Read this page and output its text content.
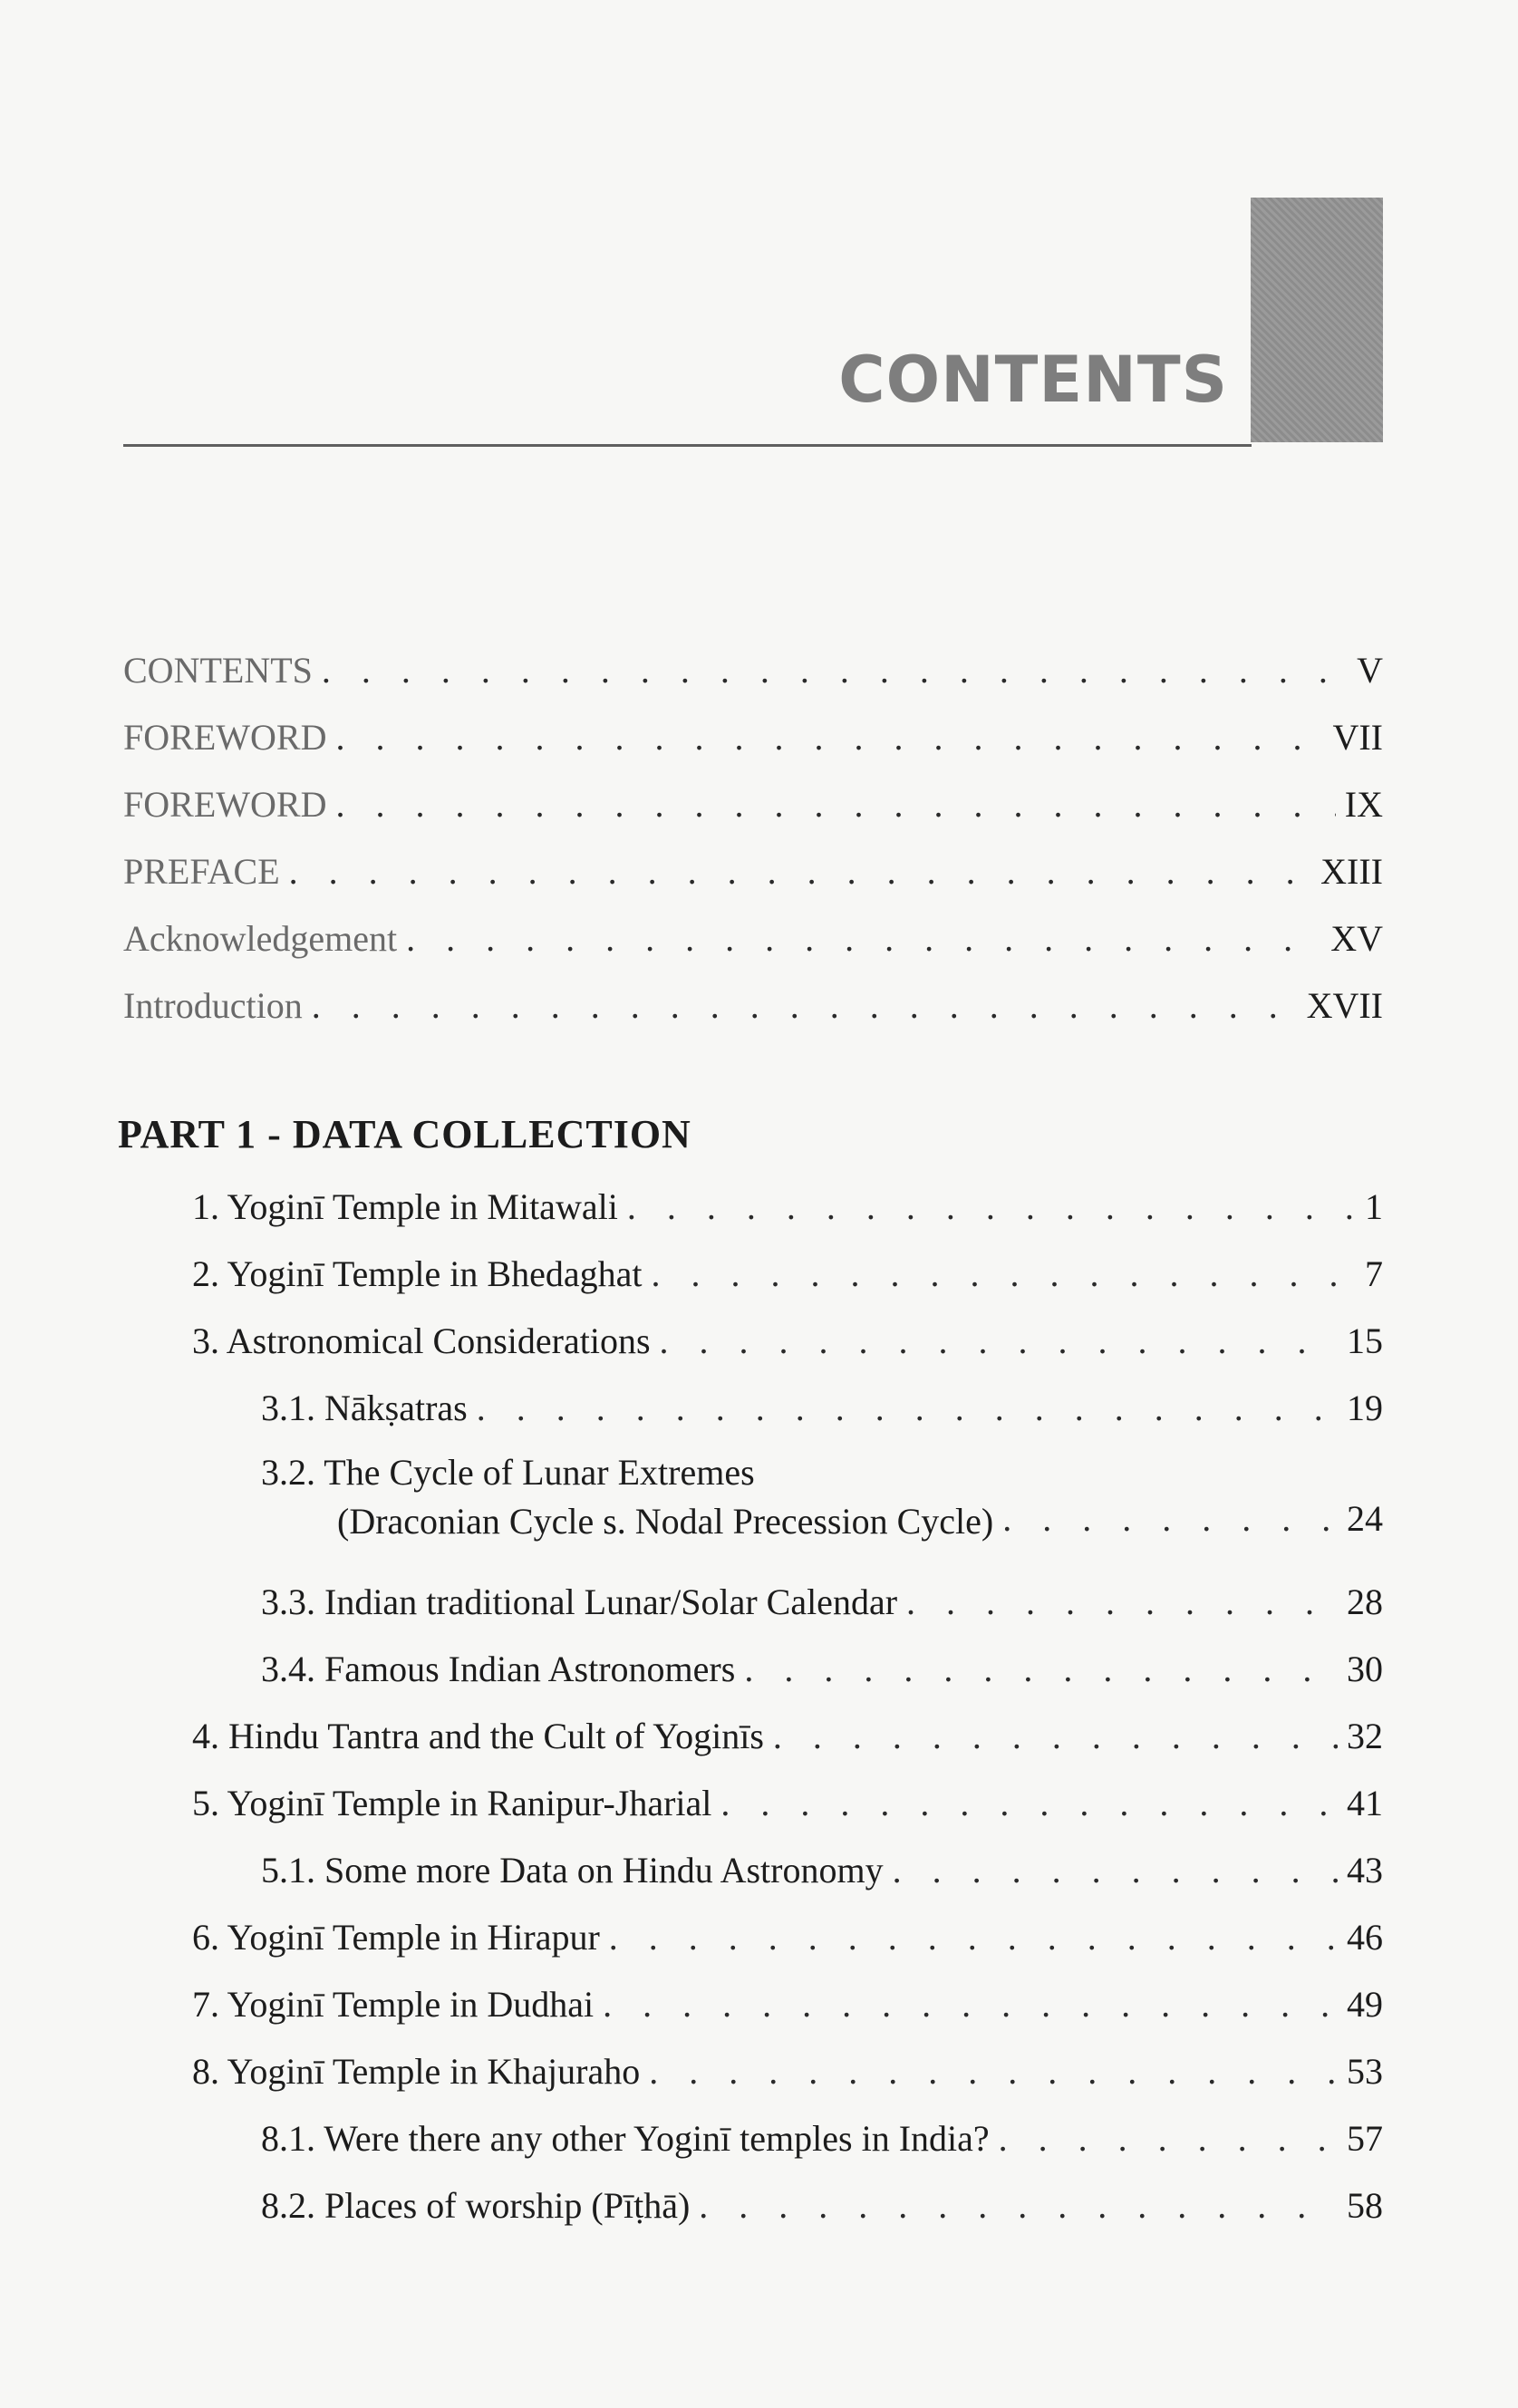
CONTENTS
CONTENTS . . .	V
FOREWORD . . .	VII
FOREWORD . . .	IX
PREFACE . . .	XIII
Acknowledgement . . .	XV
Introduction . . .	XVII
PART 1 - DATA COLLECTION
1. Yoginī Temple in Mitawali . . .	1
2. Yoginī Temple in Bhedaghat . . .	7
3. Astronomical Considerations . . .	15
3.1. Nākṣatras . . .	19
3.2. The Cycle of Lunar Extremes
(Draconian Cycle s. Nodal Precession Cycle) . . .	24
3.3. Indian traditional Lunar/Solar Calendar . . .	28
3.4. Famous Indian Astronomers . . .	30
4. Hindu Tantra and the Cult of Yoginīs . . .	32
5. Yoginī Temple in Ranipur-Jharial . . .	41
5.1. Some more Data on Hindu Astronomy . . .	43
6. Yoginī Temple in Hirapur . . .	46
7. Yoginī Temple in Dudhai . . .	49
8. Yoginī Temple in Khajuraho . . .	53
8.1. Were there any other Yoginī temples in India? . . .	57
8.2. Places of worship (Pīṭhā) . . .	58
